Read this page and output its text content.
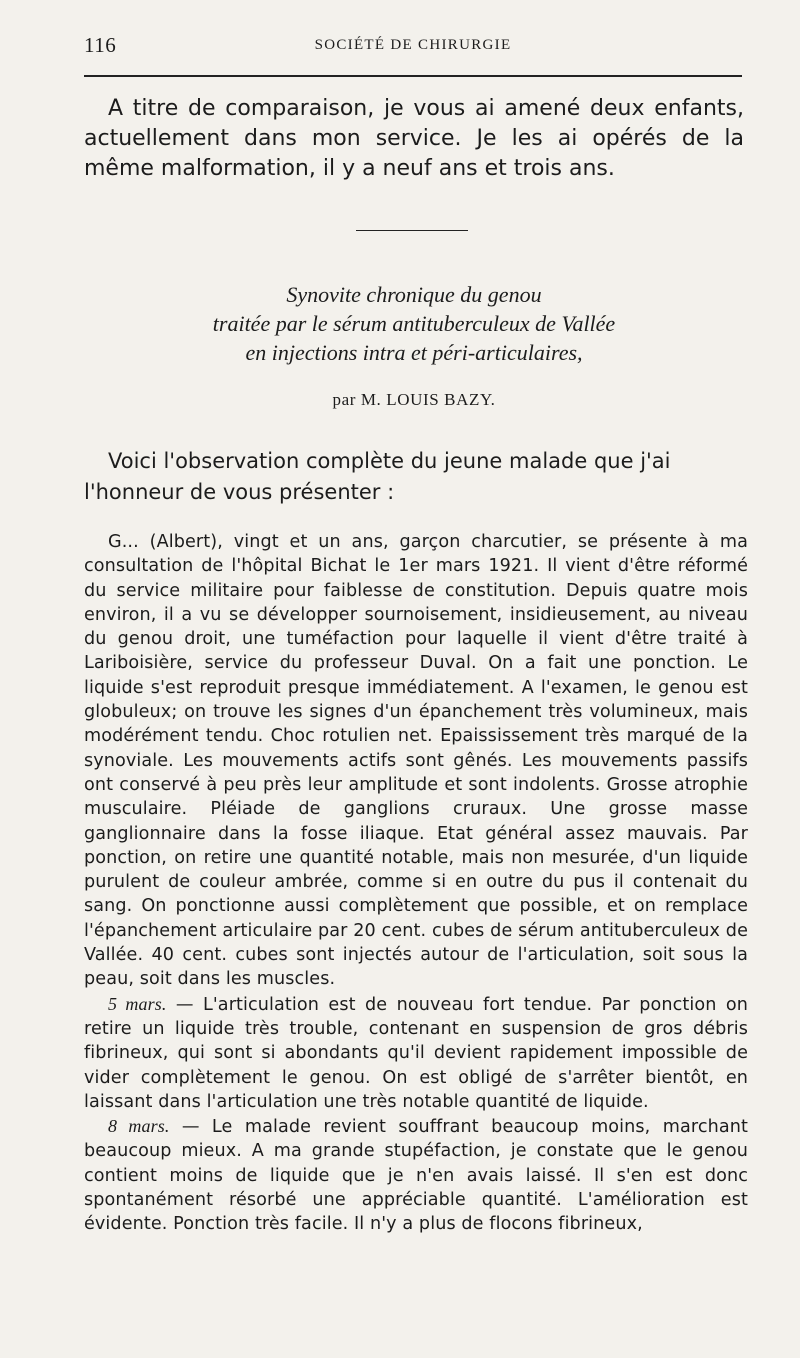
116	SOCIÉTÉ DE CHIRURGIE

A titre de comparaison, je vous ai amené deux enfants, actuellement dans mon service. Je les ai opérés de la même malformation, il y a neuf ans et trois ans.

Synovite chronique du genou
traitée par le sérum antituberculeux de Vallée
en injections intra et péri-articulaires,
par M. LOUIS BAZY.

Voici l'observation complète du jeune malade que j'ai l'honneur de vous présenter :

G... (Albert), vingt et un ans, garçon charcutier, se présente à ma consultation de l'hôpital Bichat le 1er mars 1921. Il vient d'être réformé du service militaire pour faiblesse de constitution. Depuis quatre mois environ, il a vu se développer sournoisement, insidieusement, au niveau du genou droit, une tuméfaction pour laquelle il vient d'être traité à Lariboisière, service du professeur Duval. On a fait une ponction. Le liquide s'est reproduit presque immédiatement. A l'examen, le genou est globuleux; on trouve les signes d'un épanchement très volumineux, mais modérément tendu. Choc rotulien net. Epaississement très marqué de la synoviale. Les mouvements actifs sont gênés. Les mouvements passifs ont conservé à peu près leur amplitude et sont indolents. Grosse atrophie musculaire. Pléiade de ganglions cruraux. Une grosse masse ganglionnaire dans la fosse iliaque. Etat général assez mauvais. Par ponction, on retire une quantité notable, mais non mesurée, d'un liquide purulent de couleur ambrée, comme si en outre du pus il contenait du sang. On ponctionne aussi complètement que possible, et on remplace l'épanchement articulaire par 20 cent. cubes de sérum antituberculeux de Vallée. 40 cent. cubes sont injectés autour de l'articulation, soit sous la peau, soit dans les muscles.

5 mars. — L'articulation est de nouveau fort tendue. Par ponction on retire un liquide très trouble, contenant en suspension de gros débris fibrineux, qui sont si abondants qu'il devient rapidement impossible de vider complètement le genou. On est obligé de s'arrêter bientôt, en laissant dans l'articulation une très notable quantité de liquide.

8 mars. — Le malade revient souffrant beaucoup moins, marchant beaucoup mieux. A ma grande stupéfaction, je constate que le genou contient moins de liquide que je n'en avais laissé. Il s'en est donc spontanément résorbé une appréciable quantité. L'amélioration est évidente. Ponction très facile. Il n'y a plus de flocons fibrineux,
